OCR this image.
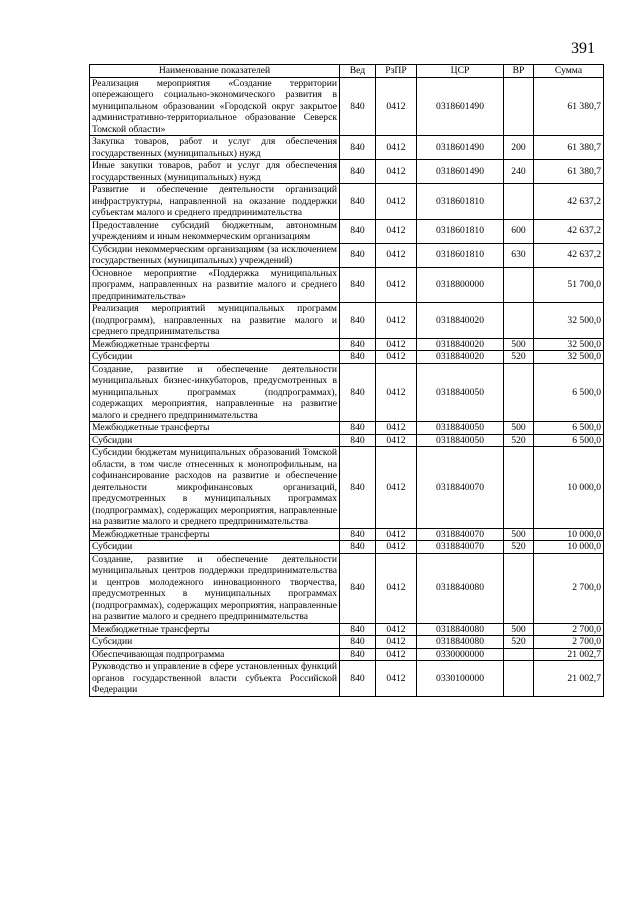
391
Наименование показателей	Вед	РзПР	ЦСР	ВР	Сумма
Реализация мероприятия «Создание территории опережающего социально-экономического развития в муниципальном образовании «Городской округ закрытое административно-территориальное образование Северск Томской области»	840	0412	0318601490		61 380,7
Закупка товаров, работ и услуг для обеспечения государственных (муниципальных) нужд	840	0412	0318601490	200	61 380,7
Иные закупки товаров, работ и услуг для обеспечения государственных (муниципальных) нужд	840	0412	0318601490	240	61 380,7
Развитие и обеспечение деятельности организаций инфраструктуры, направленной на оказание поддержки субъектам малого и среднего предпринимательства	840	0412	0318601810		42 637,2
Предоставление субсидий бюджетным, автономным учреждениям и иным некоммерческим организациям	840	0412	0318601810	600	42 637,2
Субсидии некоммерческим организациям (за исключением государственных (муниципальных) учреждений)	840	0412	0318601810	630	42 637,2
Основное мероприятие «Поддержка муниципальных программ, направленных на развитие малого и среднего предпринимательства»	840	0412	0318800000		51 700,0
Реализация мероприятий муниципальных программ (подпрограмм), направленных на развитие малого и среднего предпринимательства	840	0412	0318840020		32 500,0
Межбюджетные трансферты	840	0412	0318840020	500	32 500,0
Субсидии	840	0412	0318840020	520	32 500,0
Создание, развитие и обеспечение деятельности муниципальных бизнес-инкубаторов, предусмотренных в муниципальных программах (подпрограммах), содержащих мероприятия, направленные на развитие малого и среднего предпринимательства	840	0412	0318840050		6 500,0
Межбюджетные трансферты	840	0412	0318840050	500	6 500,0
Субсидии	840	0412	0318840050	520	6 500,0
Субсидии бюджетам муниципальных образований Томской области, в том числе отнесенных к монопрофильным, на софинансирование расходов на развитие и обеспечение деятельности микрофинансовых организаций, предусмотренных в муниципальных программах (подпрограммах), содержащих мероприятия, направленные на развитие малого и среднего предпринимательства	840	0412	0318840070		10 000,0
Межбюджетные трансферты	840	0412	0318840070	500	10 000,0
Субсидии	840	0412	0318840070	520	10 000,0
Создание, развитие и обеспечение деятельности муниципальных центров поддержки предпринимательства и центров молодежного инновационного творчества, предусмотренных в муниципальных программах (подпрограммах), содержащих мероприятия, направленные на развитие малого и среднего предпринимательства	840	0412	0318840080		2 700,0
Межбюджетные трансферты	840	0412	0318840080	500	2 700,0
Субсидии	840	0412	0318840080	520	2 700,0
Обеспечивающая подпрограмма	840	0412	0330000000		21 002,7
Руководство и управление в сфере установленных функций органов государственной власти субъекта Российской Федерации	840	0412	0330100000		21 002,7
